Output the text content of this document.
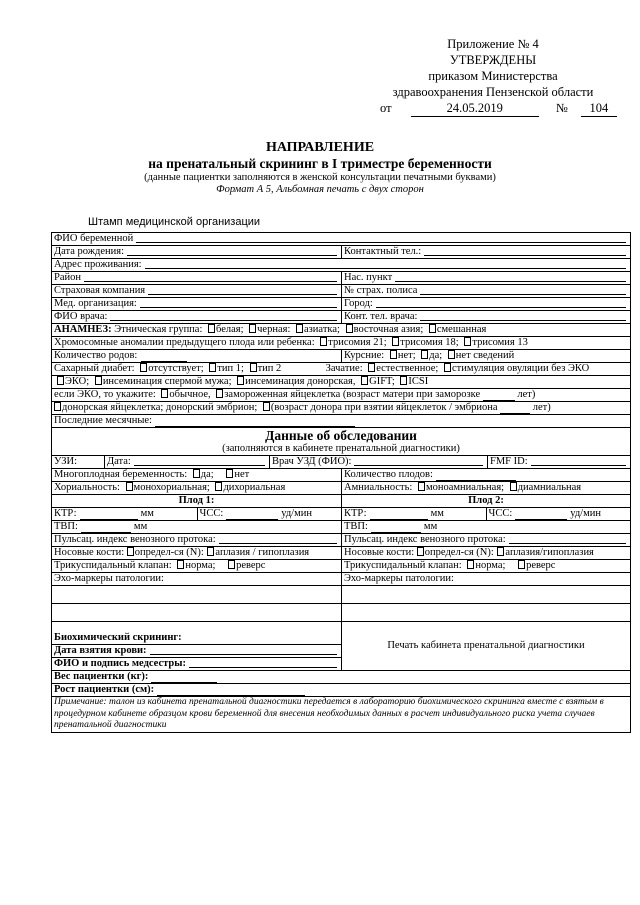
Приложение № 4
УТВЕРЖДЕНЫ
приказом Министерства
здравоохранения Пензенской области
от	24.05.2019	№ 104
НАПРАВЛЕНИЕ
на пренатальный скрининг в I триместре беременности
(данные пациентки заполняются в женской консультации печатными буквами)
Формат А 5, Альбомная печать с двух сторон
Штамп медицинской организации
ФИО беременной
Дата рождения:	Контактный тел.:
Адрес проживания:
Район	Нас. пункт
Страховая компания	№ страх. полиса
Мед. организация:	Город:
ФИО врача:	Конт. тел. врача:
АНАМНЕЗ: Этническая группа: белая; черная: азиатка; восточная азия; смешанная
Хромосомные аномалии предыдущего плода или ребенка: трисомия 21; трисомия 18; трисомия 13
Количество родов:	Курсние: нет; да; нет сведений
Сахарный диабет: отсутствует; тип 1; тип 2	Зачатие: естественное; стимуляция овуляции без ЭКО
ЭКО; инсеминация спермой мужа; инсеминация донорская, GIFT; ICSI
если ЭКО, то укажите: обычное, замороженная яйцеклетка (возраст матери при заморозке	лет)
донорская яйцеклетка; донорский эмбрион; (возраст донора при взятии яйцеклеток / эмбриона	лет)
Последние месячные:
Данные об обследовании
(заполняются в кабинете пренатальной диагностики)
УЗИ:	Дата:	Врач УЗД (ФИО):	FMF ID:
Многоплодная беременность: да; нет	Количество плодов:
Хориальность: монохориальная; дихориальная	Амниальность: моноамниальная; диамниальная
Плод 1:	Плод 2:
КТР:	мм	ЧСС:	уд/мин	КТР:	мм	ЧСС:	уд/мин
ТВП:	мм	ТВП:	мм
Пульсац. индекс венозного протока:	Пульсац. индекс венозного протока:
Носовые кости: определ-ся (N): аплазия / гипоплазия	Носовые кости: определ-ся (N): аплазия/гипоплазия
Трикуспидальный клапан: норма; реверс	Трикуспидальный клапан: норма; реверс
Эхо-маркеры патологии:	Эхо-маркеры патологии:
Биохимический скрининг:
Дата взятия крови:
ФИО и подпись медсестры:
Печать кабинета пренатальной диагностики
Вес пациентки (кг):
Рост пациентки (см):
Примечание: талон из кабинета пренатальной диагностики передается в лабораторию биохимического скрининга вместе с взятым в процедурном кабинете образцом крови беременной для внесения необходимых данных в расчет индивидуального риска учета случаев пренатальной диагностики
